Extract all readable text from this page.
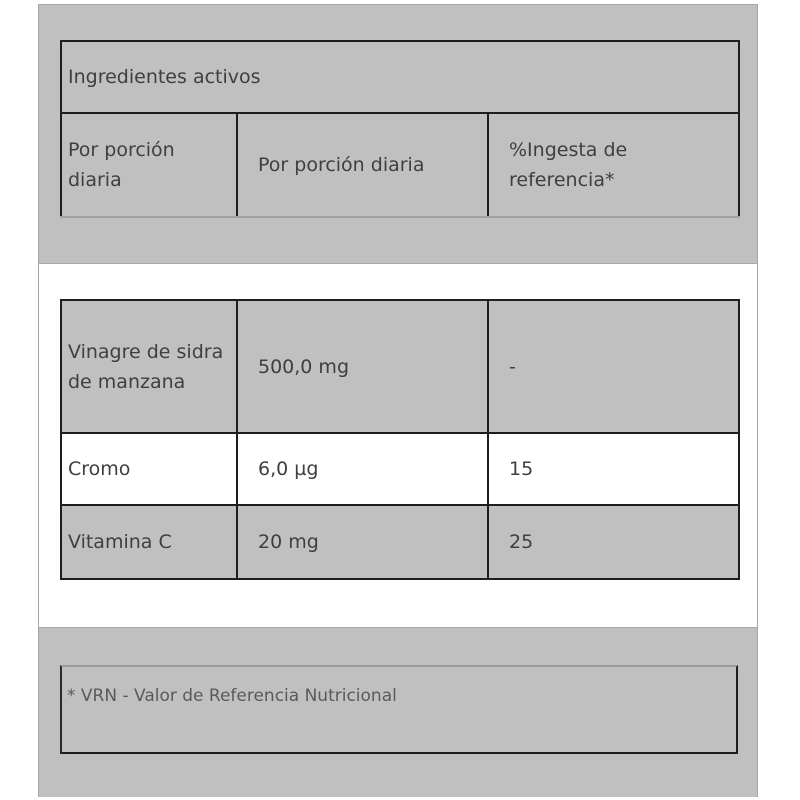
Ingredientes activos
Por porción diaria	Por porción diaria	%Ingesta de referencia*
Vinagre de sidra de manzana	500,0 mg	-
Cromo	6,0 µg	15
Vitamina C	20 mg	25
* VRN - Valor de Referencia Nutricional
